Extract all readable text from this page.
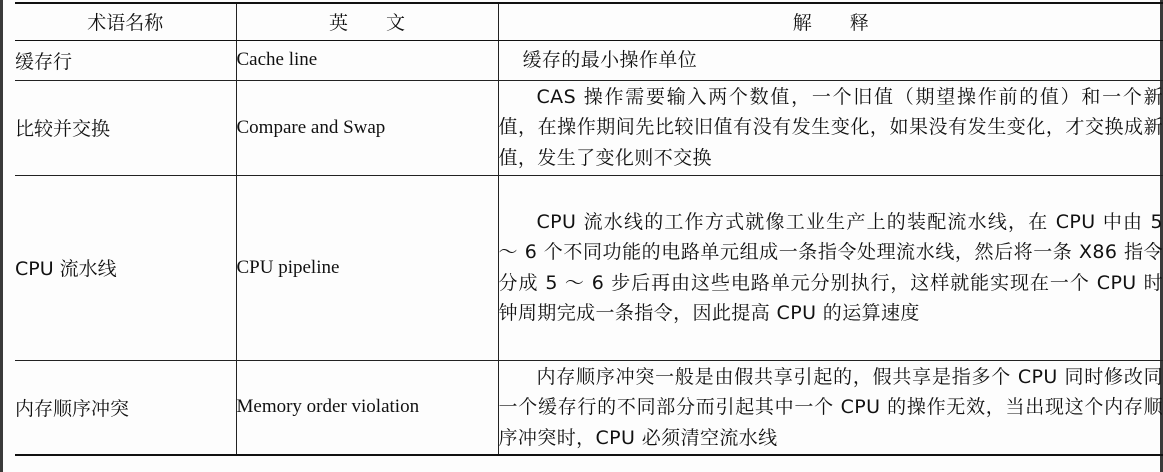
术语名称	英　　文	解　　释
缓存行	Cache line	缓存的最小操作单位
比较并交换	Compare and Swap	CAS 操作需要输入两个数值，一个旧值（期望操作前的值）和一个新值，在操作期间先比较旧值有没有发生变化，如果没有发生变化，才交换成新值，发生了变化则不交换
CPU 流水线	CPU pipeline	CPU 流水线的工作方式就像工业生产上的装配流水线，在 CPU 中由 5 ～ 6 个不同功能的电路单元组成一条指令处理流水线，然后将一条 X86 指令分成 5 ～ 6 步后再由这些电路单元分别执行，这样就能实现在一个 CPU 时钟周期完成一条指令，因此提高 CPU 的运算速度
内存顺序冲突	Memory order violation	内存顺序冲突一般是由假共享引起的，假共享是指多个 CPU 同时修改同一个缓存行的不同部分而引起其中一个 CPU 的操作无效，当出现这个内存顺序冲突时，CPU 必须清空流水线
